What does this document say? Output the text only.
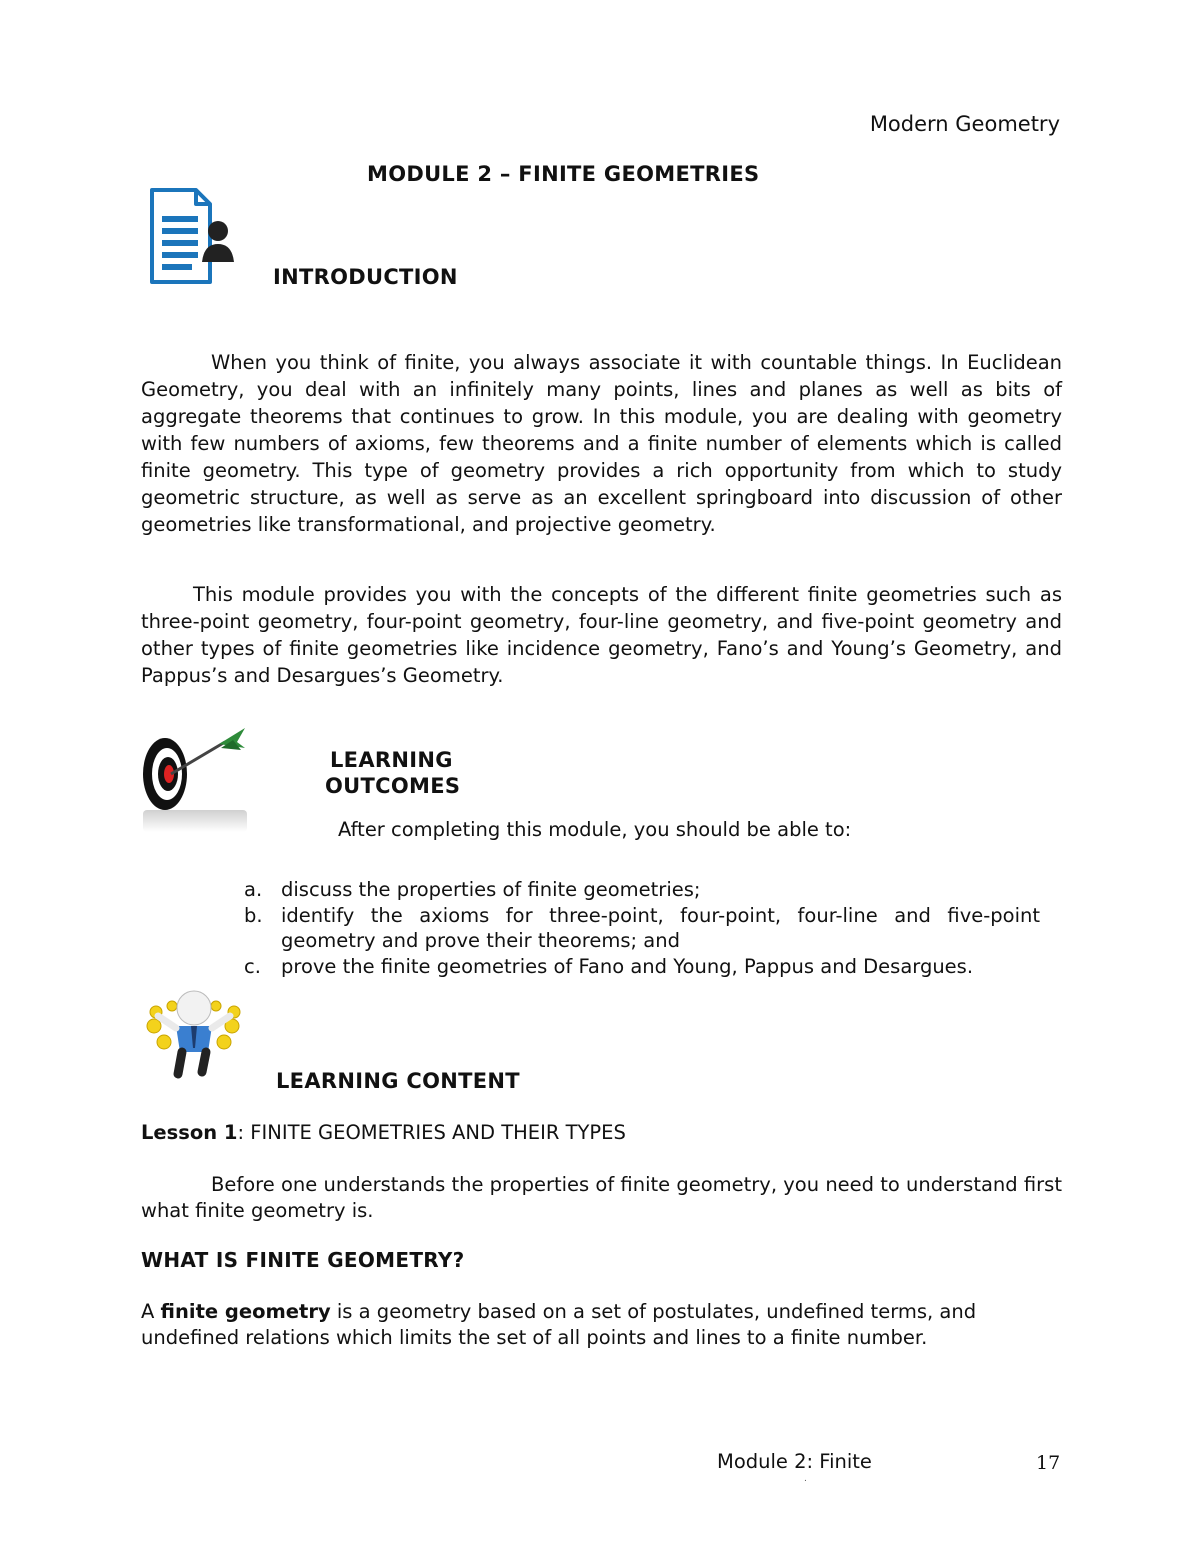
Modern Geometry
MODULE 2 – FINITE GEOMETRIES
INTRODUCTION

When you think of finite, you always associate it with countable things. In Euclidean Geometry, you deal with an infinitely many points, lines and planes as well as bits of aggregate theorems that continues to grow. In this module, you are dealing with geometry with few numbers of axioms, few theorems and a finite number of elements which is called finite geometry. This type of geometry provides a rich opportunity from which to study geometric structure, as well as serve as an excellent springboard into discussion of other geometries like transformational, and projective geometry.

This module provides you with the concepts of the different finite geometries such as three-point geometry, four-point geometry, four-line geometry, and five-point geometry and other types of finite geometries like incidence geometry, Fano’s and Young’s Geometry, and Pappus’s and Desargues’s Geometry.

LEARNING
OUTCOMES
After completing this module, you should be able to:
a. discuss the properties of finite geometries;
b. identify the axioms for three-point, four-point, four-line and five-point geometry and prove their theorems; and
c.	prove the finite geometries of Fano and Young, Pappus and Desargues.
LEARNING CONTENT
Lesson 1: FINITE GEOMETRIES AND THEIR TYPES

Before one understands the properties of finite geometry, you need to understand first what finite geometry is.

WHAT IS FINITE GEOMETRY?

A finite geometry is a geometry based on a set of postulates, undefined terms, and undefined relations which limits the set of all points and lines to a finite number.

Module 2: Finite	17
.
